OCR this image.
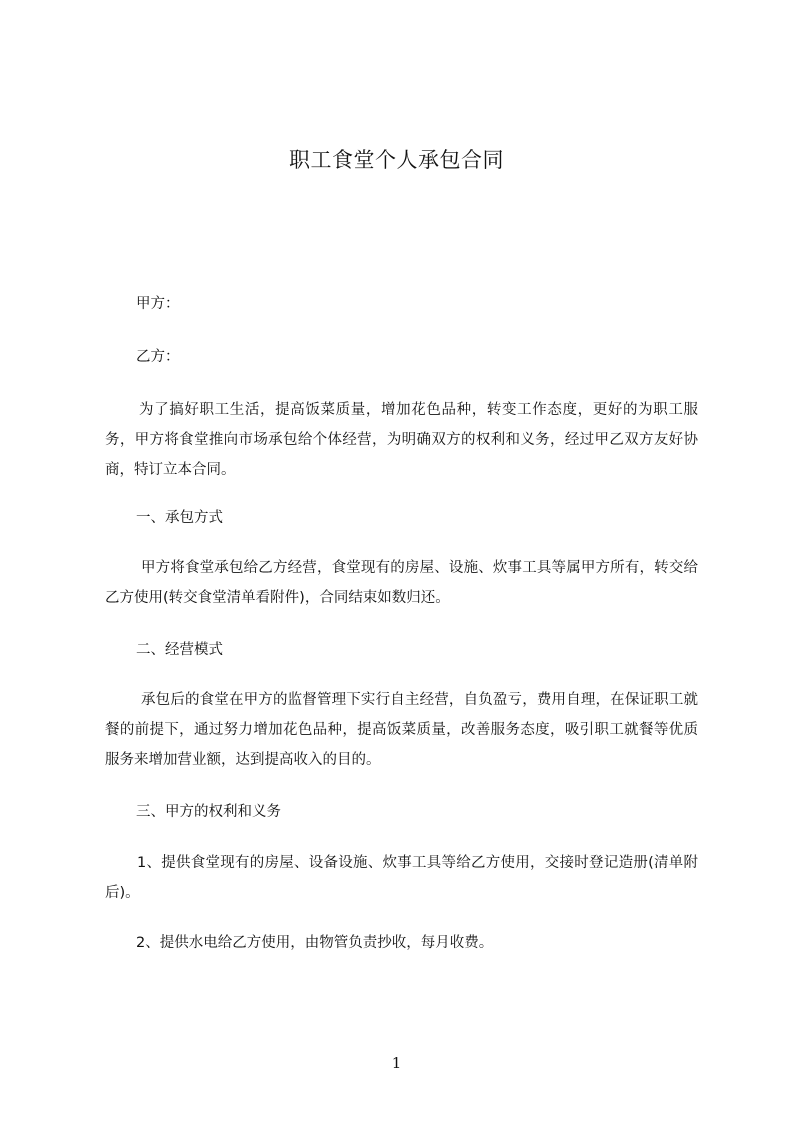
职工食堂个人承包合同
甲方：
乙方：
为了搞好职工生活，提高饭菜质量，增加花色品种，转变工作态度，更好的为职工服务，甲方将食堂推向市场承包给个体经营，为明确双方的权利和义务，经过甲乙双方友好协商，特订立本合同。
一、承包方式
甲方将食堂承包给乙方经营，食堂现有的房屋、设施、炊事工具等属甲方所有，转交给乙方使用(转交食堂清单看附件)，合同结束如数归还。
二、经营模式
承包后的食堂在甲方的监督管理下实行自主经营，自负盈亏，费用自理，在保证职工就餐的前提下，通过努力增加花色品种，提高饭菜质量，改善服务态度，吸引职工就餐等优质服务来增加营业额，达到提高收入的目的。
三、甲方的权利和义务
1、提供食堂现有的房屋、设备设施、炊事工具等给乙方使用，交接时登记造册(清单附后)。
2、提供水电给乙方使用，由物管负责抄收，每月收费。
1
